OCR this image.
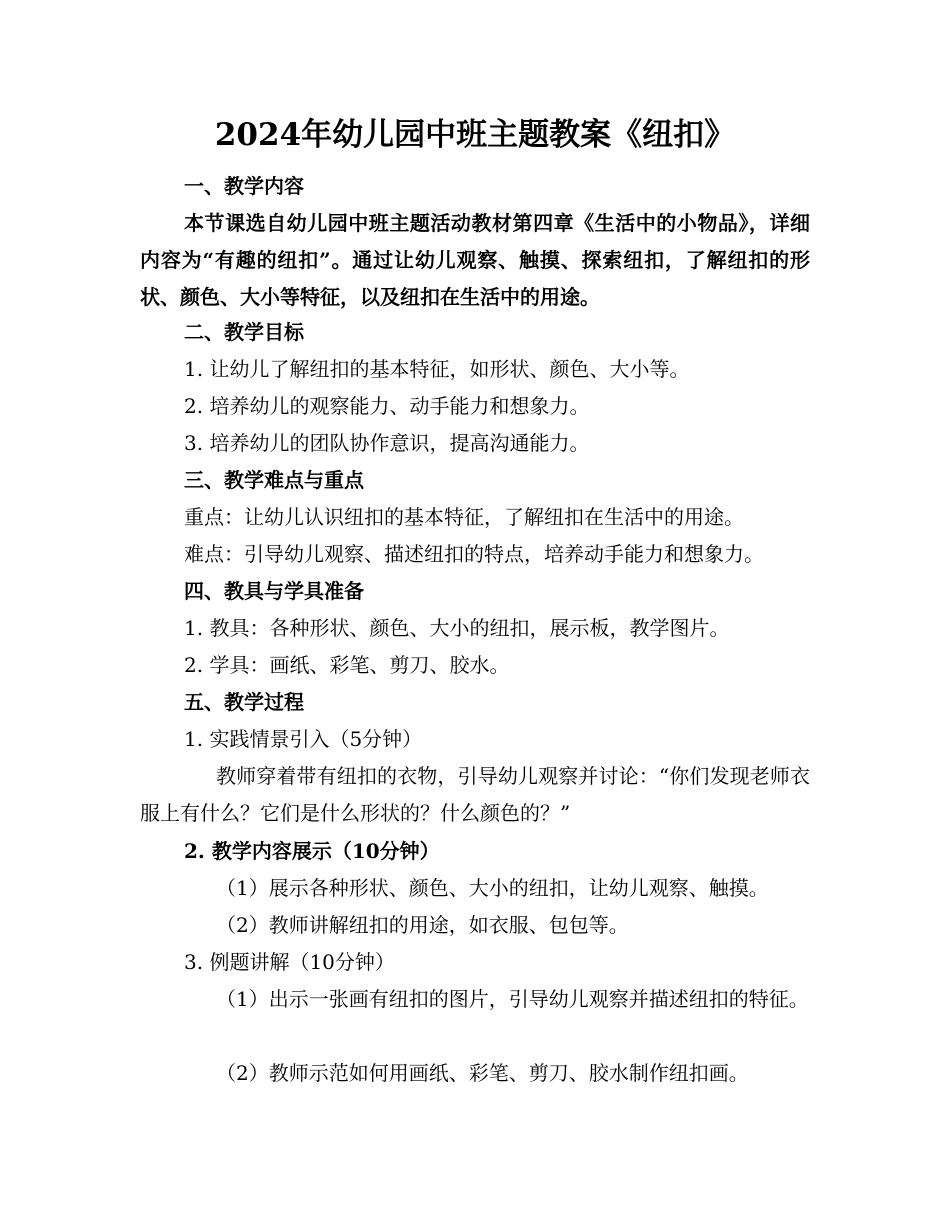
2024年幼儿园中班主题教案《纽扣》
一、教学内容
本节课选自幼儿园中班主题活动教材第四章《生活中的小物品》，详细内容为“有趣的纽扣”。通过让幼儿观察、触摸、探索纽扣，了解纽扣的形状、颜色、大小等特征，以及纽扣在生活中的用途。
二、教学目标
1. 让幼儿了解纽扣的基本特征，如形状、颜色、大小等。
2. 培养幼儿的观察能力、动手能力和想象力。
3. 培养幼儿的团队协作意识，提高沟通能力。
三、教学难点与重点
重点：让幼儿认识纽扣的基本特征，了解纽扣在生活中的用途。
难点：引导幼儿观察、描述纽扣的特点，培养动手能力和想象力。
四、教具与学具准备
1. 教具：各种形状、颜色、大小的纽扣，展示板，教学图片。
2. 学具：画纸、彩笔、剪刀、胶水。
五、教学过程
1. 实践情景引入（5分钟）
教师穿着带有纽扣的衣物，引导幼儿观察并讨论：“你们发现老师衣服上有什么？它们是什么形状的？什么颜色的？”
2. 教学内容展示（10分钟）
（1）展示各种形状、颜色、大小的纽扣，让幼儿观察、触摸。
（2）教师讲解纽扣的用途，如衣服、包包等。
3. 例题讲解（10分钟）
（1）出示一张画有纽扣的图片，引导幼儿观察并描述纽扣的特征。
（2）教师示范如何用画纸、彩笔、剪刀、胶水制作纽扣画。
